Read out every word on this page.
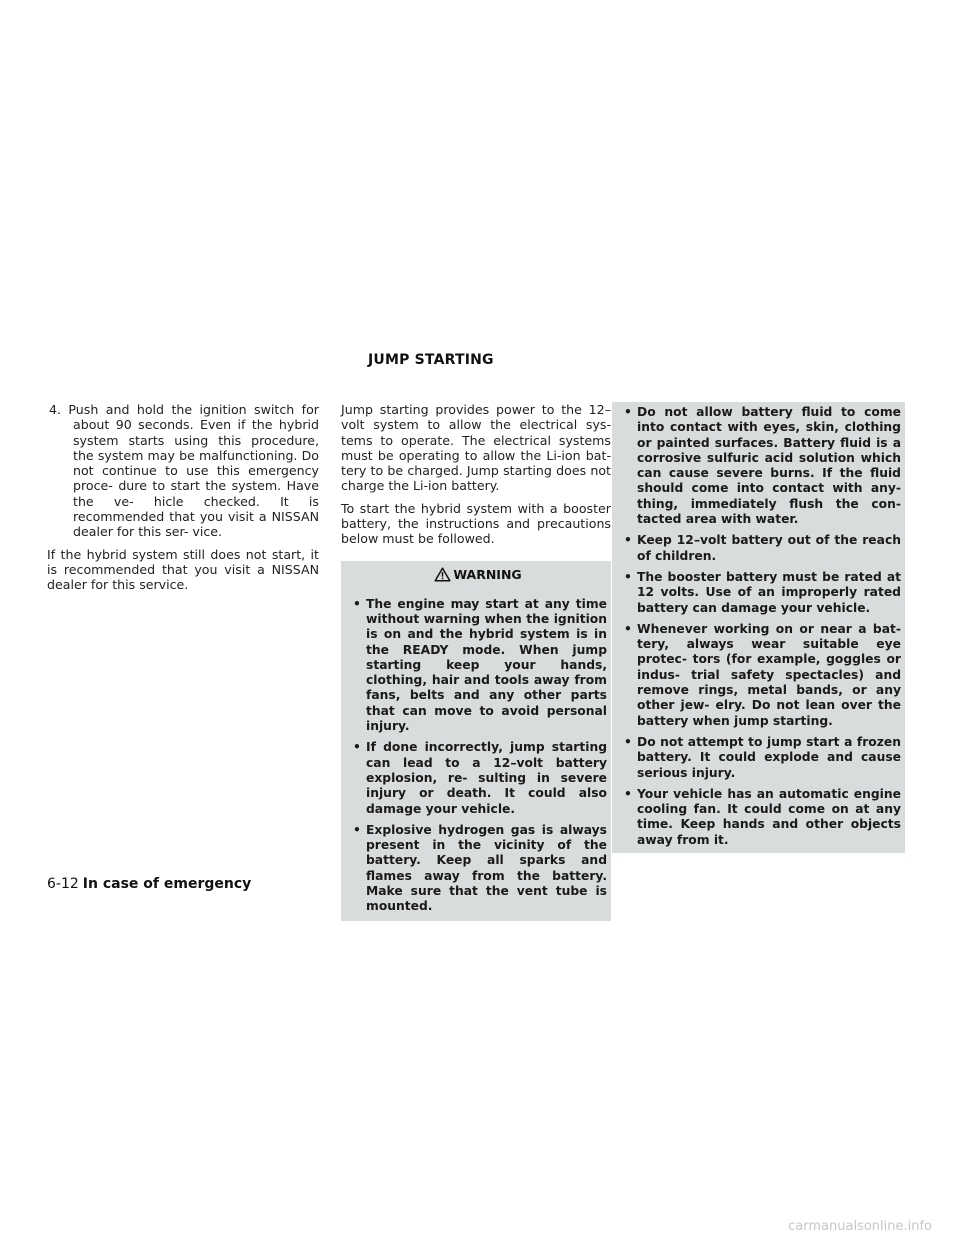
JUMP STARTING

4. Push and hold the ignition switch for about 90 seconds. Even if the hybrid system starts using this procedure, the system may be malfunctioning. Do not continue to use this emergency proce- dure to start the system. Have the ve- hicle checked. It is recommended that you visit a NISSAN dealer for this ser- vice.

If the hybrid system still does not start, it is recommended that you visit a NISSAN dealer for this service.

Jump starting provides power to the 12–volt system to allow the electrical sys- tems to operate. The electrical systems must be operating to allow the Li-ion bat- tery to be charged. Jump starting does not charge the Li-ion battery.

To start the hybrid system with a booster battery, the instructions and precautions below must be followed.

WARNING
• The engine may start at any time without warning when the ignition is on and the hybrid system is in the READY mode. When jump starting keep your hands, clothing, hair and tools away from fans, belts and any other parts that can move to avoid personal injury.
• If done incorrectly, jump starting can lead to a 12–volt battery explosion, re- sulting in severe injury or death. It could also damage your vehicle.
• Explosive hydrogen gas is always present in the vicinity of the battery. Keep all sparks and flames away from the battery. Make sure that the vent tube is mounted.
• Do not allow battery fluid to come into contact with eyes, skin, clothing or painted surfaces. Battery fluid is a corrosive sulfuric acid solution which can cause severe burns. If the fluid should come into contact with any- thing, immediately flush the con- tacted area with water.
• Keep 12–volt battery out of the reach of children.
• The booster battery must be rated at 12 volts. Use of an improperly rated battery can damage your vehicle.
• Whenever working on or near a bat- tery, always wear suitable eye protec- tors (for example, goggles or indus- trial safety spectacles) and remove rings, metal bands, or any other jew- elry. Do not lean over the battery when jump starting.
• Do not attempt to jump start a frozen battery. It could explode and cause serious injury.
• Your vehicle has an automatic engine cooling fan. It could come on at any time. Keep hands and other objects away from it.
6-12 In case of emergency
carmanualsonline.info
